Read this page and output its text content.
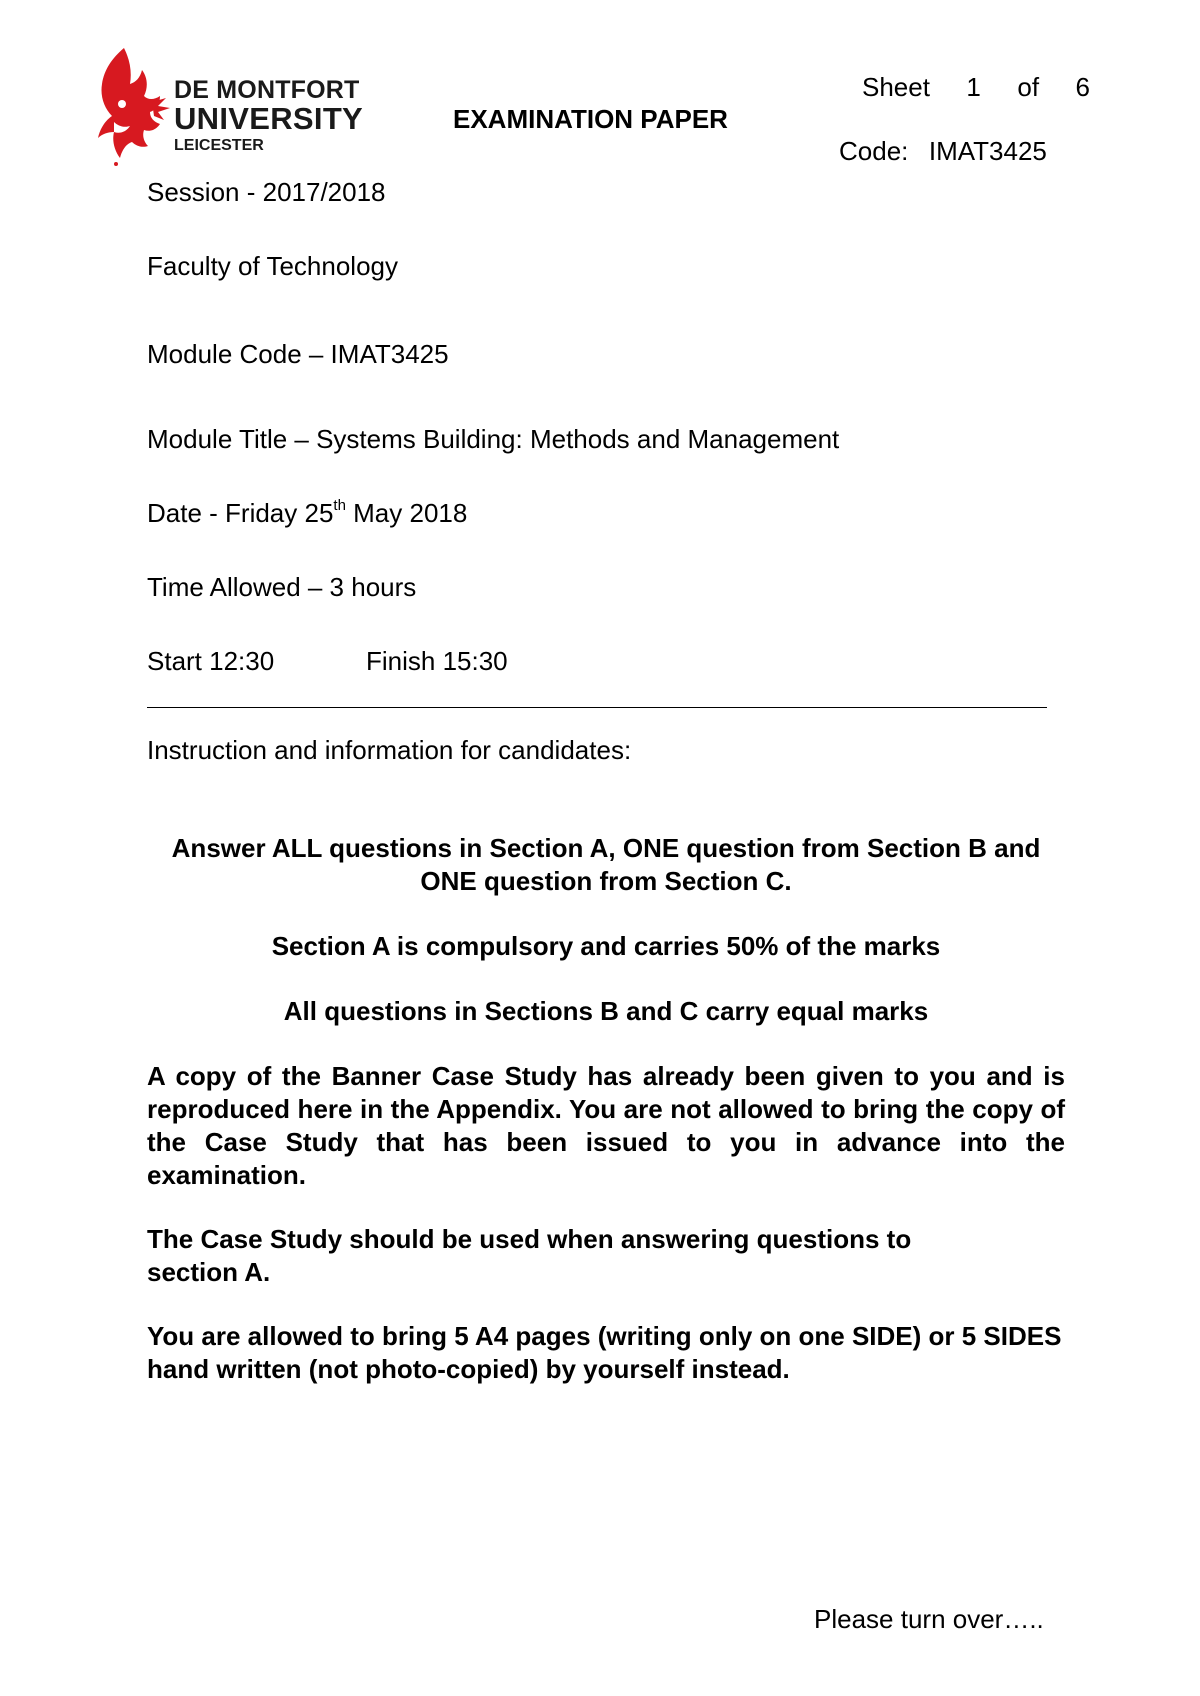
DE MONTFORT
UNIVERSITY
LEICESTER
EXAMINATION PAPER
Sheet 1 of 6
Code: IMAT3425
Session - 2017/2018
Faculty of Technology
Module Code – IMAT3425
Module Title – Systems Building: Methods and Management
Date - Friday 25th May 2018
Time Allowed – 3 hours
Start 12:30	Finish 15:30
Instruction and information for candidates:
Answer ALL questions in Section A, ONE question from Section B and ONE question from Section C.
Section A is compulsory and carries 50% of the marks
All questions in Sections B and C carry equal marks
A copy of the Banner Case Study has already been given to you and is reproduced here in the Appendix. You are not allowed to bring the copy of the Case Study that has been issued to you in advance into the examination.
The Case Study should be used when answering questions to section A.
You are allowed to bring 5 A4 pages (writing only on one SIDE) or 5 SIDES hand written (not photo-copied) by yourself instead.
Please turn over…..
